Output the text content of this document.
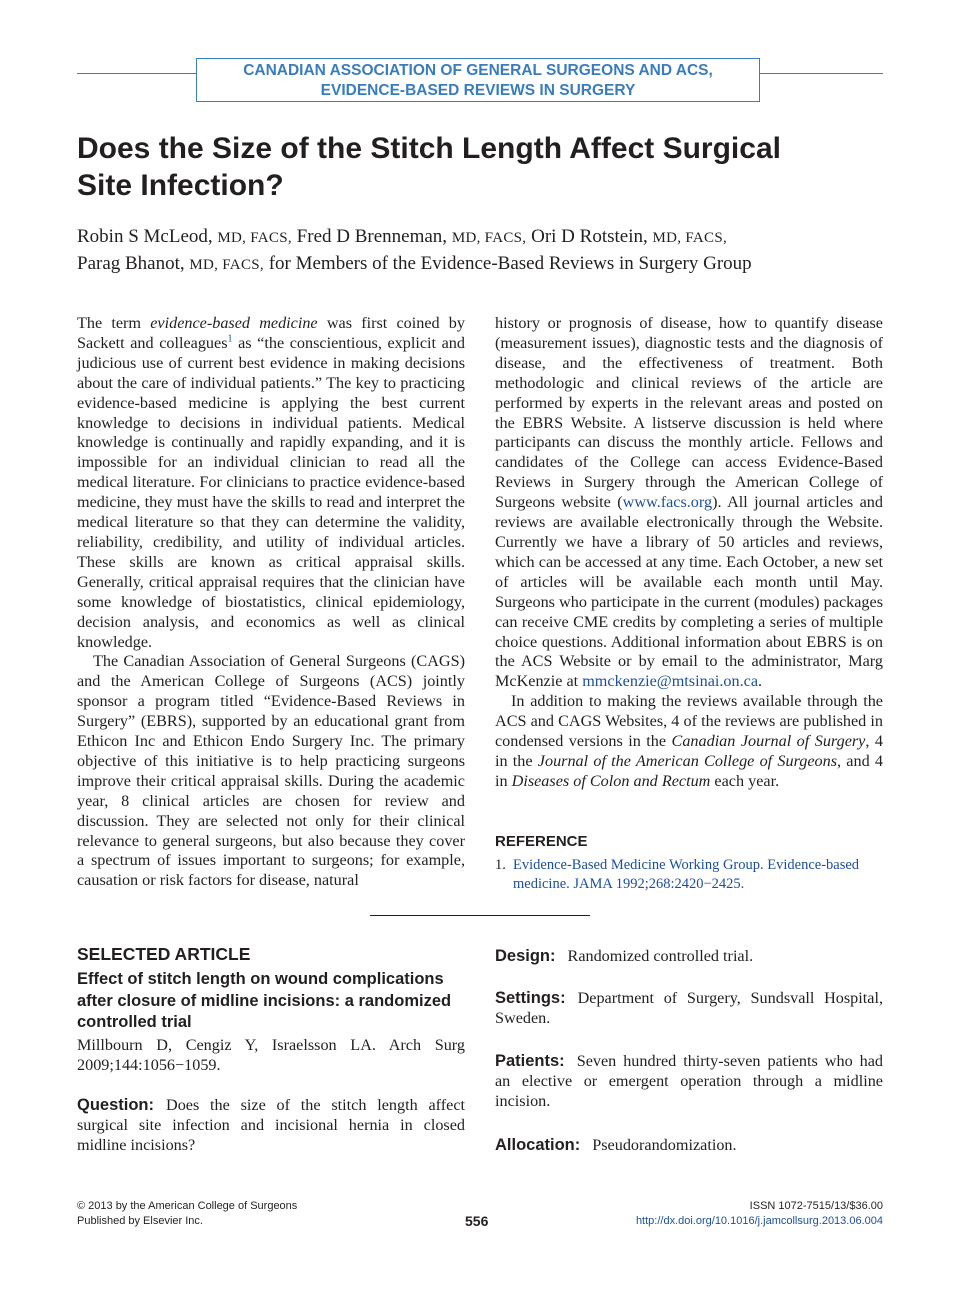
CANADIAN ASSOCIATION OF GENERAL SURGEONS AND ACS,
EVIDENCE-BASED REVIEWS IN SURGERY
Does the Size of the Stitch Length Affect Surgical
Site Infection?
Robin S McLeod, MD, FACS, Fred D Brenneman, MD, FACS, Ori D Rotstein, MD, FACS,
Parag Bhanot, MD, FACS, for Members of the Evidence-Based Reviews in Surgery Group

The term evidence-based medicine was first coined by Sackett and colleagues$^1$ as “the conscientious, explicit and judicious use of current best evidence in making decisions about the care of individual patients.” The key to practicing evidence-based medicine is applying the best current knowledge to decisions in individual patients. Medical knowledge is continually and rapidly expanding, and it is impossible for an individual clinician to read all the medical literature. For clinicians to practice evidence-based medicine, they must have the skills to read and interpret the medical literature so that they can determine the validity, reliability, credibility, and utility of individual articles. These skills are known as critical appraisal skills. Generally, critical appraisal requires that the clinician have some knowledge of biostatistics, clinical epidemiology, decision analysis, and economics as well as clinical knowledge.

The Canadian Association of General Surgeons (CAGS) and the American College of Surgeons (ACS) jointly sponsor a program titled “Evidence-Based Reviews in Surgery” (EBRS), supported by an educational grant from Ethicon Inc and Ethicon Endo Surgery Inc. The primary objective of this initiative is to help practicing surgeons improve their critical appraisal skills. During the academic year, 8 clinical articles are chosen for review and discussion. They are selected not only for their clinical relevance to general surgeons, but also because they cover a spectrum of issues important to surgeons; for example, causation or risk factors for disease, natural

history or prognosis of disease, how to quantify disease (measurement issues), diagnostic tests and the diagnosis of disease, and the effectiveness of treatment. Both methodologic and clinical reviews of the article are performed by experts in the relevant areas and posted on the EBRS Website. A listserve discussion is held where participants can discuss the monthly article. Fellows and candidates of the College can access Evidence-Based Reviews in Surgery through the American College of Surgeons website (www.facs.org). All journal articles and reviews are available electronically through the Website. Currently we have a library of 50 articles and reviews, which can be accessed at any time. Each October, a new set of articles will be available each month until May. Surgeons who participate in the current (modules) packages can receive CME credits by completing a series of multiple choice questions. Additional information about EBRS is on the ACS Website or by email to the administrator, Marg McKenzie at mmckenzie@mtsinai.on.ca.

In addition to making the reviews available through the ACS and CAGS Websites, 4 of the reviews are published in condensed versions in the Canadian Journal of Surgery, 4 in the Journal of the American College of Surgeons, and 4 in Diseases of Colon and Rectum each year.

REFERENCE
1. Evidence-Based Medicine Working Group. Evidence-based medicine. JAMA 1992;268:2420−2425.
SELECTED ARTICLE
Effect of stitch length on wound complications after closure of midline incisions: a randomized controlled trial
Millbourn D, Cengiz Y, Israelsson LA. Arch Surg 2009;144:1056−1059.
Question: Does the size of the stitch length affect surgical site infection and incisional hernia in closed midline incisions?
Design: Randomized controlled trial.
Settings: Department of Surgery, Sundsvall Hospital, Sweden.
Patients: Seven hundred thirty-seven patients who had an elective or emergent operation through a midline incision.
Allocation: Pseudorandomization.
© 2013 by the American College of Surgeons
Published by Elsevier Inc.	556
ISSN 1072-7515/13/$36.00
http://dx.doi.org/10.1016/j.jamcollsurg.2013.06.004
